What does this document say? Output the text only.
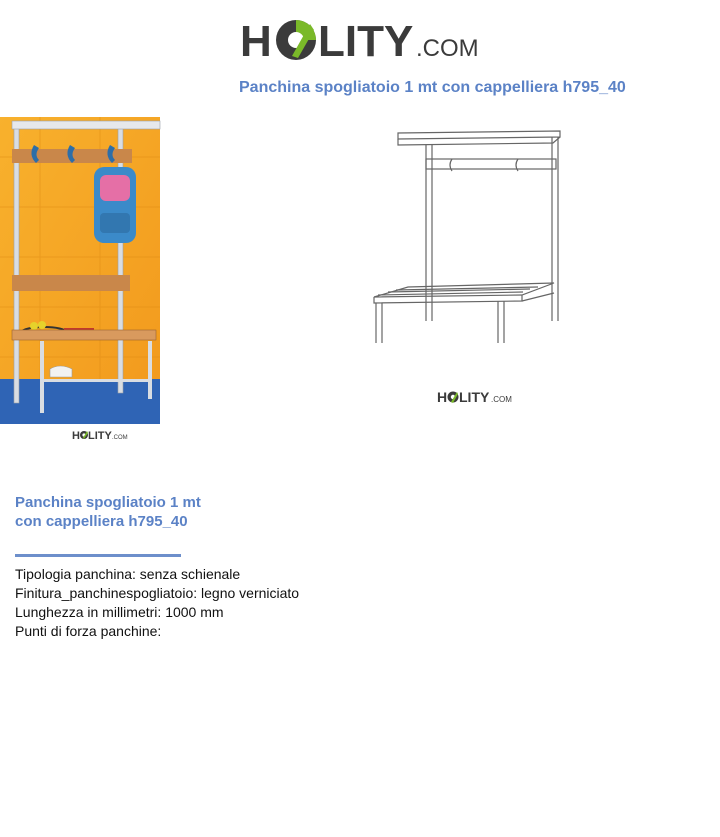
H LITY .COM
Panchina spogliatoio 1 mt con cappelliera h795_40
H LITY .COM
H LITY .COM
Panchina spogliatoio 1 mt con cappelliera h795_40
Tipologia panchina: senza schienale
Finitura_panchinespogliatoio: legno verniciato
Lunghezza in millimetri: 1000 mm
Punti di forza panchine:
